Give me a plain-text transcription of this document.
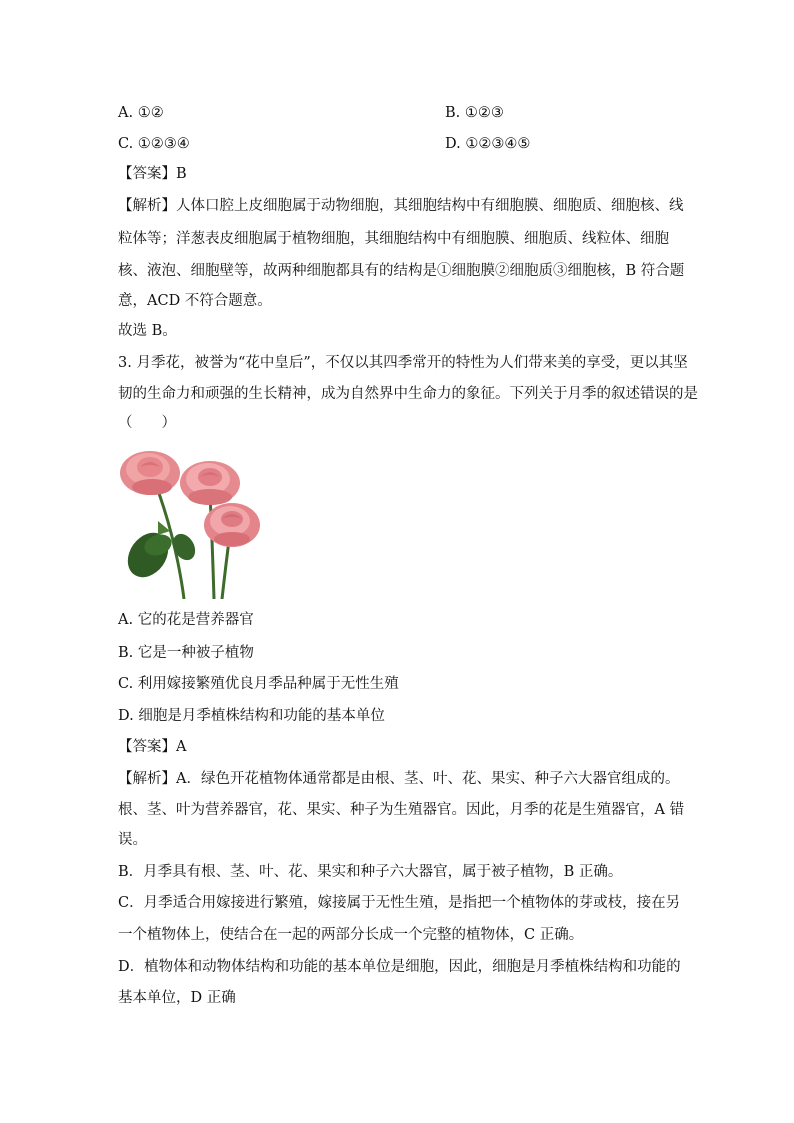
A. ①②	B. ①②③
C. ①②③④	D. ①②③④⑤
【答案】B
【解析】人体口腔上皮细胞属于动物细胞，其细胞结构中有细胞膜、细胞质、细胞核、线
粒体等；洋葱表皮细胞属于植物细胞，其细胞结构中有细胞膜、细胞质、线粒体、细胞
核、液泡、细胞壁等，故两种细胞都具有的结构是①细胞膜②细胞质③细胞核，B 符合题
意，ACD 不符合题意。
故选 B。
3. 月季花，被誉为“花中皇后”，不仅以其四季常开的特性为人们带来美的享受，更以其坚
韧的生命力和顽强的生长精神，成为自然界中生命力的象征。下列关于月季的叙述错误的是
（　　）
A. 它的花是营养器官
B. 它是一种被子植物
C. 利用嫁接繁殖优良月季品种属于无性生殖
D. 细胞是月季植株结构和功能的基本单位
【答案】A
【解析】A．绿色开花植物体通常都是由根、茎、叶、花、果实、种子六大器官组成的。
根、茎、叶为营养器官，花、果实、种子为生殖器官。因此，月季的花是生殖器官，A 错
误。
B．月季具有根、茎、叶、花、果实和种子六大器官，属于被子植物，B 正确。
C．月季适合用嫁接进行繁殖，嫁接属于无性生殖，是指把一个植物体的芽或枝，接在另
一个植物体上，使结合在一起的两部分长成一个完整的植物体，C 正确。
D．植物体和动物体结构和功能的基本单位是细胞，因此，细胞是月季植株结构和功能的
基本单位，D 正确
